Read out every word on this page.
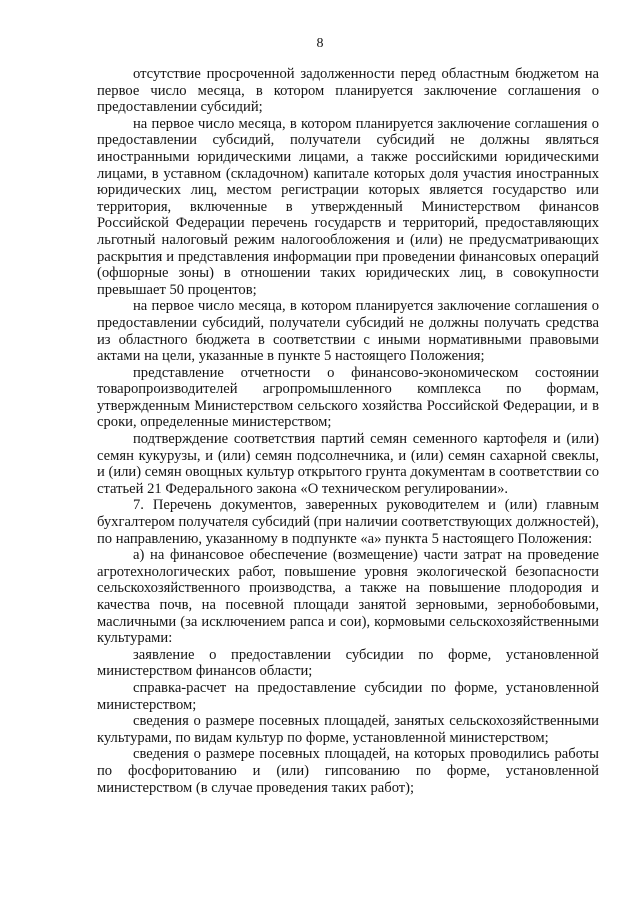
8

отсутствие просроченной задолженности перед областным бюджетом на первое число месяца, в котором планируется заключение соглашения о предоставлении субсидий;

на первое число месяца, в котором планируется заключение соглашения о предоставлении субсидий, получатели субсидий не должны являться иностранными юридическими лицами, а также российскими юридическими лицами, в уставном (складочном) капитале которых доля участия иностранных юридических лиц, местом регистрации которых является государство или территория, включенные в утвержденный Министерством финансов Российской Федерации перечень государств и территорий, предоставляющих льготный налоговый режим налогообложения и (или) не предусматривающих раскрытия и представления информации при проведении финансовых операций (офшорные зоны) в отношении таких юридических лиц, в совокупности превышает 50 процентов;

на первое число месяца, в котором планируется заключение соглашения о предоставлении субсидий, получатели субсидий не должны получать средства из областного бюджета в соответствии с иными нормативными правовыми актами на цели, указанные в пункте 5 настоящего Положения;

представление отчетности о финансово-экономическом состоянии товаропроизводителей агропромышленного комплекса по формам, утвержденным Министерством сельского хозяйства Российской Федерации, и в сроки, определенные министерством;

подтверждение соответствия партий семян семенного картофеля и (или) семян кукурузы, и (или) семян подсолнечника, и (или) семян сахарной свеклы, и (или) семян овощных культур открытого грунта документам в соответствии со статьей 21 Федерального закона «О техническом регулировании».

7. Перечень документов, заверенных руководителем и (или) главным бухгалтером получателя субсидий (при наличии соответствующих должностей), по направлению, указанному в подпункте «а» пункта 5 настоящего Положения:

а) на финансовое обеспечение (возмещение) части затрат на проведение агротехнологических работ, повышение уровня экологической безопасности сельскохозяйственного производства, а также на повышение плодородия и качества почв, на посевной площади занятой зерновыми, зернобобовыми, масличными (за исключением рапса и сои), кормовыми сельскохозяйственными культурами:

заявление о предоставлении субсидии по форме, установленной министерством финансов области;

справка-расчет на предоставление субсидии по форме, установленной министерством;

сведения о размере посевных площадей, занятых сельскохозяйственными культурами, по видам культур по форме, установленной министерством;

сведения о размере посевных площадей, на которых проводились работы по фосфоритованию и (или) гипсованию по форме, установленной министерством (в случае проведения таких работ);
